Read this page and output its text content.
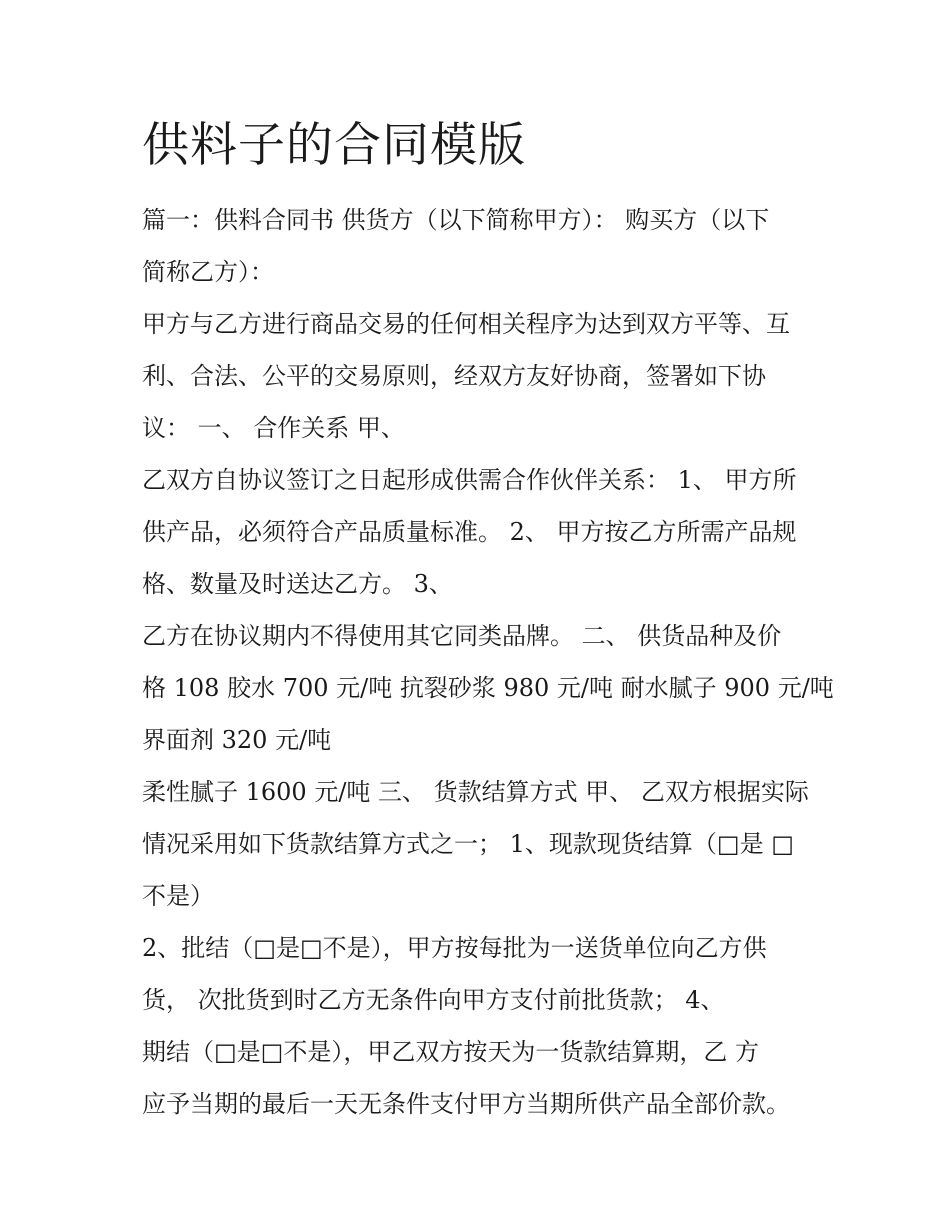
供料子的合同模版
篇一：供料合同书 供货方（以下简称甲方）： 购买方（以下
简称乙方）：
甲方与乙方进行商品交易的任何相关程序为达到双方平等、互
利、合法、公平的交易原则，经双方友好协商，签署如下协
议： 一、 合作关系 甲、
乙双方自协议签订之日起形成供需合作伙伴关系： 1、 甲方所
供产品，必须符合产品质量标准。 2、 甲方按乙方所需产品规
格、数量及时送达乙方。 3、
乙方在协议期内不得使用其它同类品牌。 二、 供货品种及价
格 108 胶水 700 元/吨 抗裂砂浆 980 元/吨 耐水腻子 900 元/吨
界面剂 320 元/吨
柔性腻子 1600 元/吨 三、 货款结算方式 甲、 乙双方根据实际
情况采用如下货款结算方式之一； 1、现款现货结算（□是 □
不是）
2、批结（□是□不是），甲方按每批为一送货单位向乙方供
货， 次批货到时乙方无条件向甲方支付前批货款； 4、
期结（□是□不是），甲乙双方按天为一货款结算期，乙 方
应予当期的最后一天无条件支付甲方当期所供产品全部价款。
